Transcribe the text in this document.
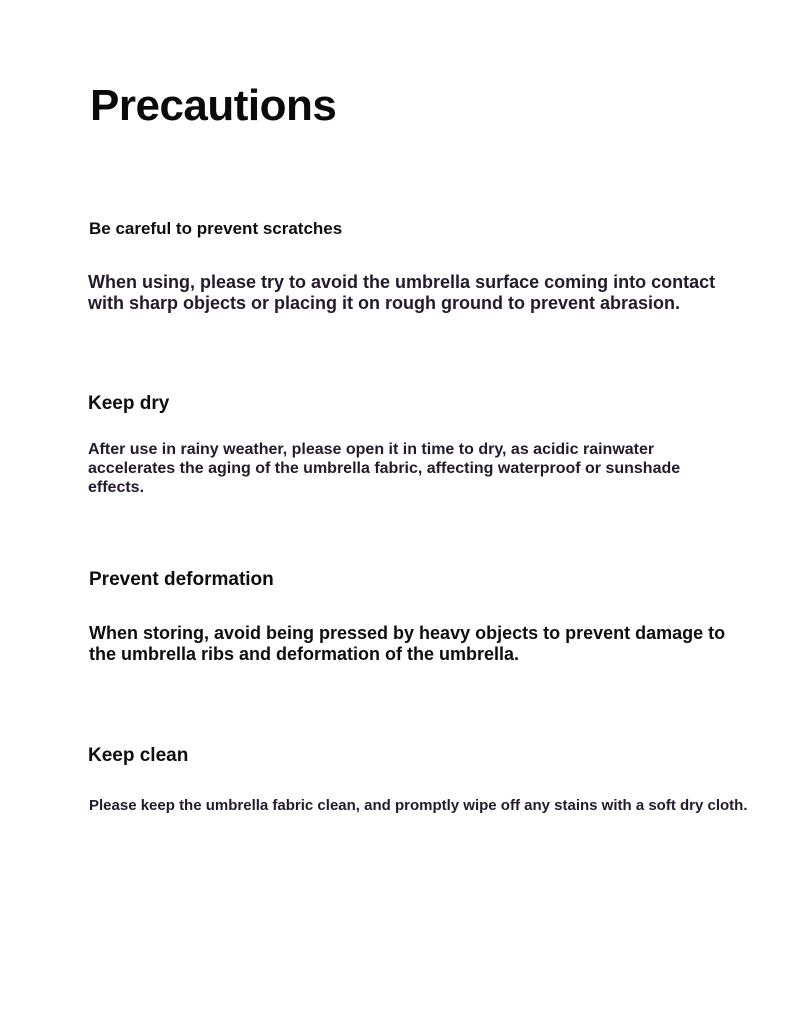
Precautions
Be careful to prevent scratches

When using, please try to avoid the umbrella surface coming into contact with sharp objects or placing it on rough ground to prevent abrasion.

Keep dry

After use in rainy weather, please open it in time to dry, as acidic rainwater accelerates the aging of the umbrella fabric, affecting waterproof or sunshade effects.

Prevent deformation

When storing, avoid being pressed by heavy objects to prevent damage to the umbrella ribs and deformation of the umbrella.

Keep clean

Please keep the umbrella fabric clean, and promptly wipe off any stains with a soft dry cloth.
